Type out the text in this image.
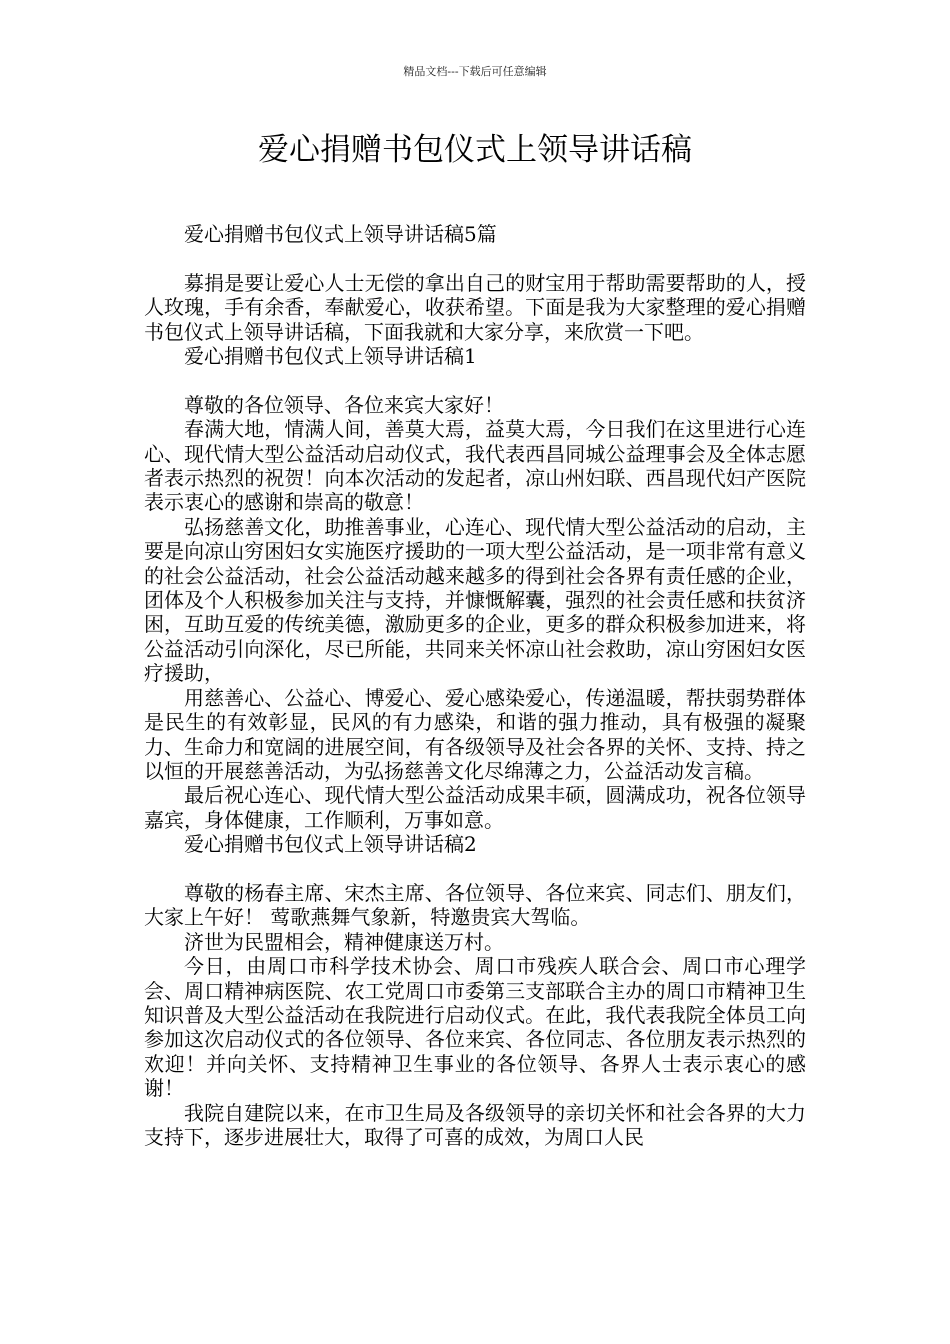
精品文档---下载后可任意编辑
爱心捐赠书包仪式上领导讲话稿

爱心捐赠书包仪式上领导讲话稿5篇

募捐是要让爱心人士无偿的拿出自己的财宝用于帮助需要帮助的人，授人玫瑰，手有余香，奉献爱心，收获希望。下面是我为大家整理的爱心捐赠书包仪式上领导讲话稿，下面我就和大家分享，来欣赏一下吧。

爱心捐赠书包仪式上领导讲话稿1

尊敬的各位领导、各位来宾大家好！

春满大地，情满人间，善莫大焉，益莫大焉，今日我们在这里进行心连心、现代情大型公益活动启动仪式，我代表西昌同城公益理事会及全体志愿者表示热烈的祝贺！向本次活动的发起者，凉山州妇联、西昌现代妇产医院表示衷心的感谢和崇高的敬意！

弘扬慈善文化，助推善事业，心连心、现代情大型公益活动的启动，主要是向凉山穷困妇女实施医疗援助的一项大型公益活动，是一项非常有意义的社会公益活动，社会公益活动越来越多的得到社会各界有责任感的企业，团体及个人积极参加关注与支持，并慷慨解囊，强烈的社会责任感和扶贫济困，互助互爱的传统美德，激励更多的企业，更多的群众积极参加进来，将公益活动引向深化，尽已所能，共同来关怀凉山社会救助，凉山穷困妇女医疗援助，

用慈善心、公益心、博爱心、爱心感染爱心，传递温暖，帮扶弱势群体是民生的有效彰显，民风的有力感染，和谐的强力推动，具有极强的凝聚力、生命力和宽阔的进展空间，有各级领导及社会各界的关怀、支持、持之以恒的开展慈善活动，为弘扬慈善文化尽绵薄之力，公益活动发言稿。

最后祝心连心、现代情大型公益活动成果丰硕，圆满成功，祝各位领导嘉宾，身体健康，工作顺利，万事如意。

爱心捐赠书包仪式上领导讲话稿2

尊敬的杨春主席、宋杰主席、各位领导、各位来宾、同志们、朋友们，大家上午好！ 莺歌燕舞气象新，特邀贵宾大驾临。

济世为民盟相会，精神健康送万村。

今日，由周口市科学技术协会、周口市残疾人联合会、周口市心理学会、周口精神病医院、农工党周口市委第三支部联合主办的周口市精神卫生知识普及大型公益活动在我院进行启动仪式。在此，我代表我院全体员工向参加这次启动仪式的各位领导、各位来宾、各位同志、各位朋友表示热烈的欢迎！并向关怀、支持精神卫生事业的各位领导、各界人士表示衷心的感谢！

我院自建院以来，在市卫生局及各级领导的亲切关怀和社会各界的大力支持下，逐步进展壮大，取得了可喜的成效，为周口人民
